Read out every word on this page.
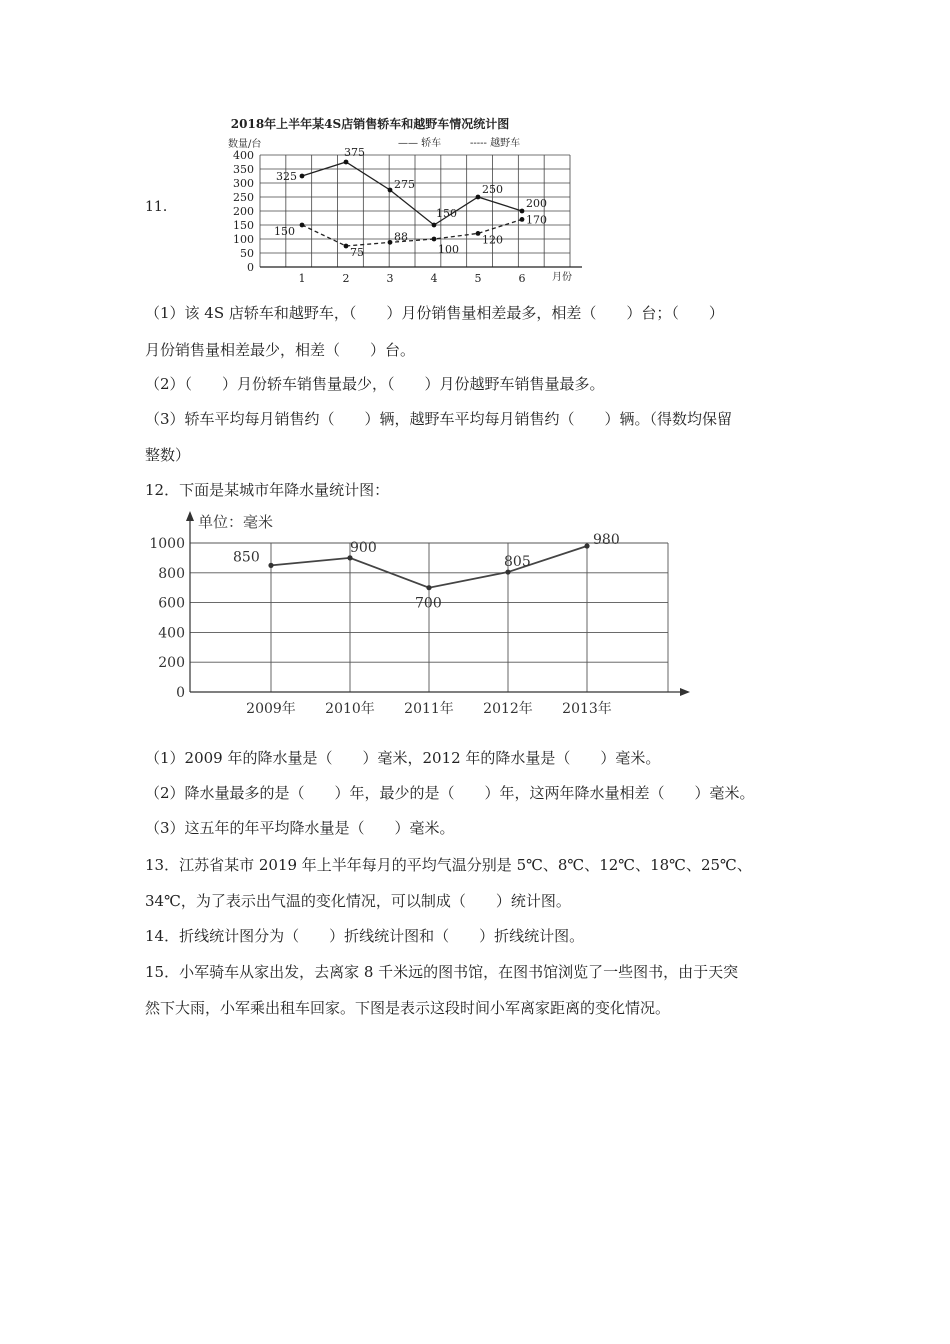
11．
2018年上半年某4S店销售轿车和越野车情况统计图
数量/台	—— 轿车	----- 越野车
月份
0
50
100
150
200
250
300
350
400
1	2	3	4	5	6
325
375
275
150
250
200
150
75
88
100
120
170
（1）该 4S 店轿车和越野车，（　　）月份销售量相差最多，相差（　　）台；（　　）
月份销售量相差最少，相差（　　）台。
（2）（　　）月份轿车销售量最少，（　　）月份越野车销售量最多。
（3）轿车平均每月销售约（　　）辆，越野车平均每月销售约（　　）辆。（得数均保留
整数）
12．下面是某城市年降水量统计图：
单位：毫米
0
200
400
600
800
1000
2009年 2010年 2011年 2012年 2013年
850
900
700
805
980
（1）2009 年的降水量是（　　）毫米，2012 年的降水量是（　　）毫米。
（2）降水量最多的是（　　）年，最少的是（　　）年，这两年降水量相差（　　）毫米。
（3）这五年的年平均降水量是（　　）毫米。
13．江苏省某市 2019 年上半年每月的平均气温分别是 5℃、8℃、12℃、18℃、25℃、
34℃，为了表示出气温的变化情况，可以制成（　　）统计图。
14．折线统计图分为（　　）折线统计图和（　　）折线统计图。
15．小军骑车从家出发，去离家 8 千米远的图书馆，在图书馆浏览了一些图书，由于天突
然下大雨，小军乘出租车回家。下图是表示这段时间小军离家距离的变化情况。
